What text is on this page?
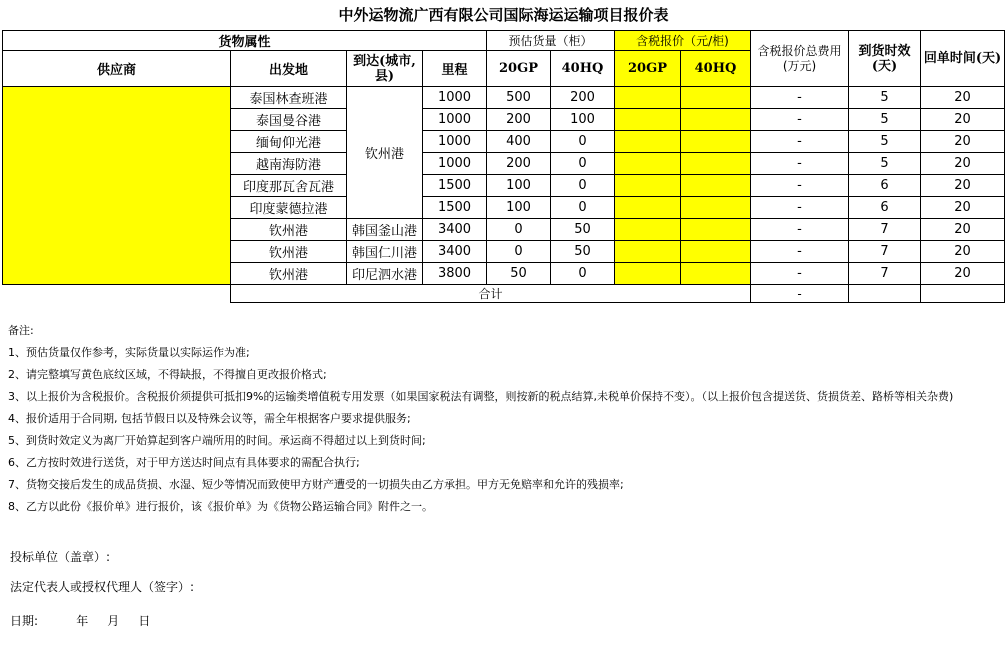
中外运物流广西有限公司国际海运运输项目报价表
货物属性				预估货量（柜）		含税报价（元/柜)		含税报价总费用(万元)	到货时效(天)	回单时间(天)
供应商	出发地	到达(城市,县)	里程	20GP	40HQ	20GP	40HQ			
	泰国林查班港	钦州港	1000	500	200			-	5	20
	泰国曼谷港		1000	200	100			-	5	20
	缅甸仰光港		1000	400	0			-	5	20
	越南海防港		1000	200	0			-	5	20
	印度那瓦舍瓦港		1500	100	0			-	6	20
	印度蒙德拉港		1500	100	0			-	6	20
	钦州港	韩国釜山港	3400	0	50			-	7	20
	钦州港	韩国仁川港	3400	0	50			-	7	20
	钦州港	印尼泗水港	3800	50	0			-	7	20
	合计							-		
备注:
1、预估货量仅作参考，实际货量以实际运作为准;
2、请完整填写黄色底纹区域，不得缺报，不得擅自更改报价格式;
3、以上报价为含税报价。含税报价须提供可抵扣9%的运输类增值税专用发票（如果国家税法有调整，则按新的税点结算,未税单价保持不变）。（以上报价包含提送货、货损货差、路桥等相关杂费)
4、报价适用于合同期, 包括节假日以及特殊会议等，需全年根据客户要求提供服务;
5、到货时效定义为离厂开始算起到客户端所用的时间。承运商不得超过以上到货时间;
6、乙方按时效进行送货，对于甲方送达时间点有具体要求的需配合执行;
7、货物交接后发生的成品货损、水湿、短少等情况而致使甲方财产遭受的一切损失由乙方承担。甲方无免赔率和允许的残损率;
8、乙方以此份《报价单》进行报价，该《报价单》为《货物公路运输合同》附件之一。
投标单位（盖章）:
法定代表人或授权代理人（签字）:
日期:          年     月     日
